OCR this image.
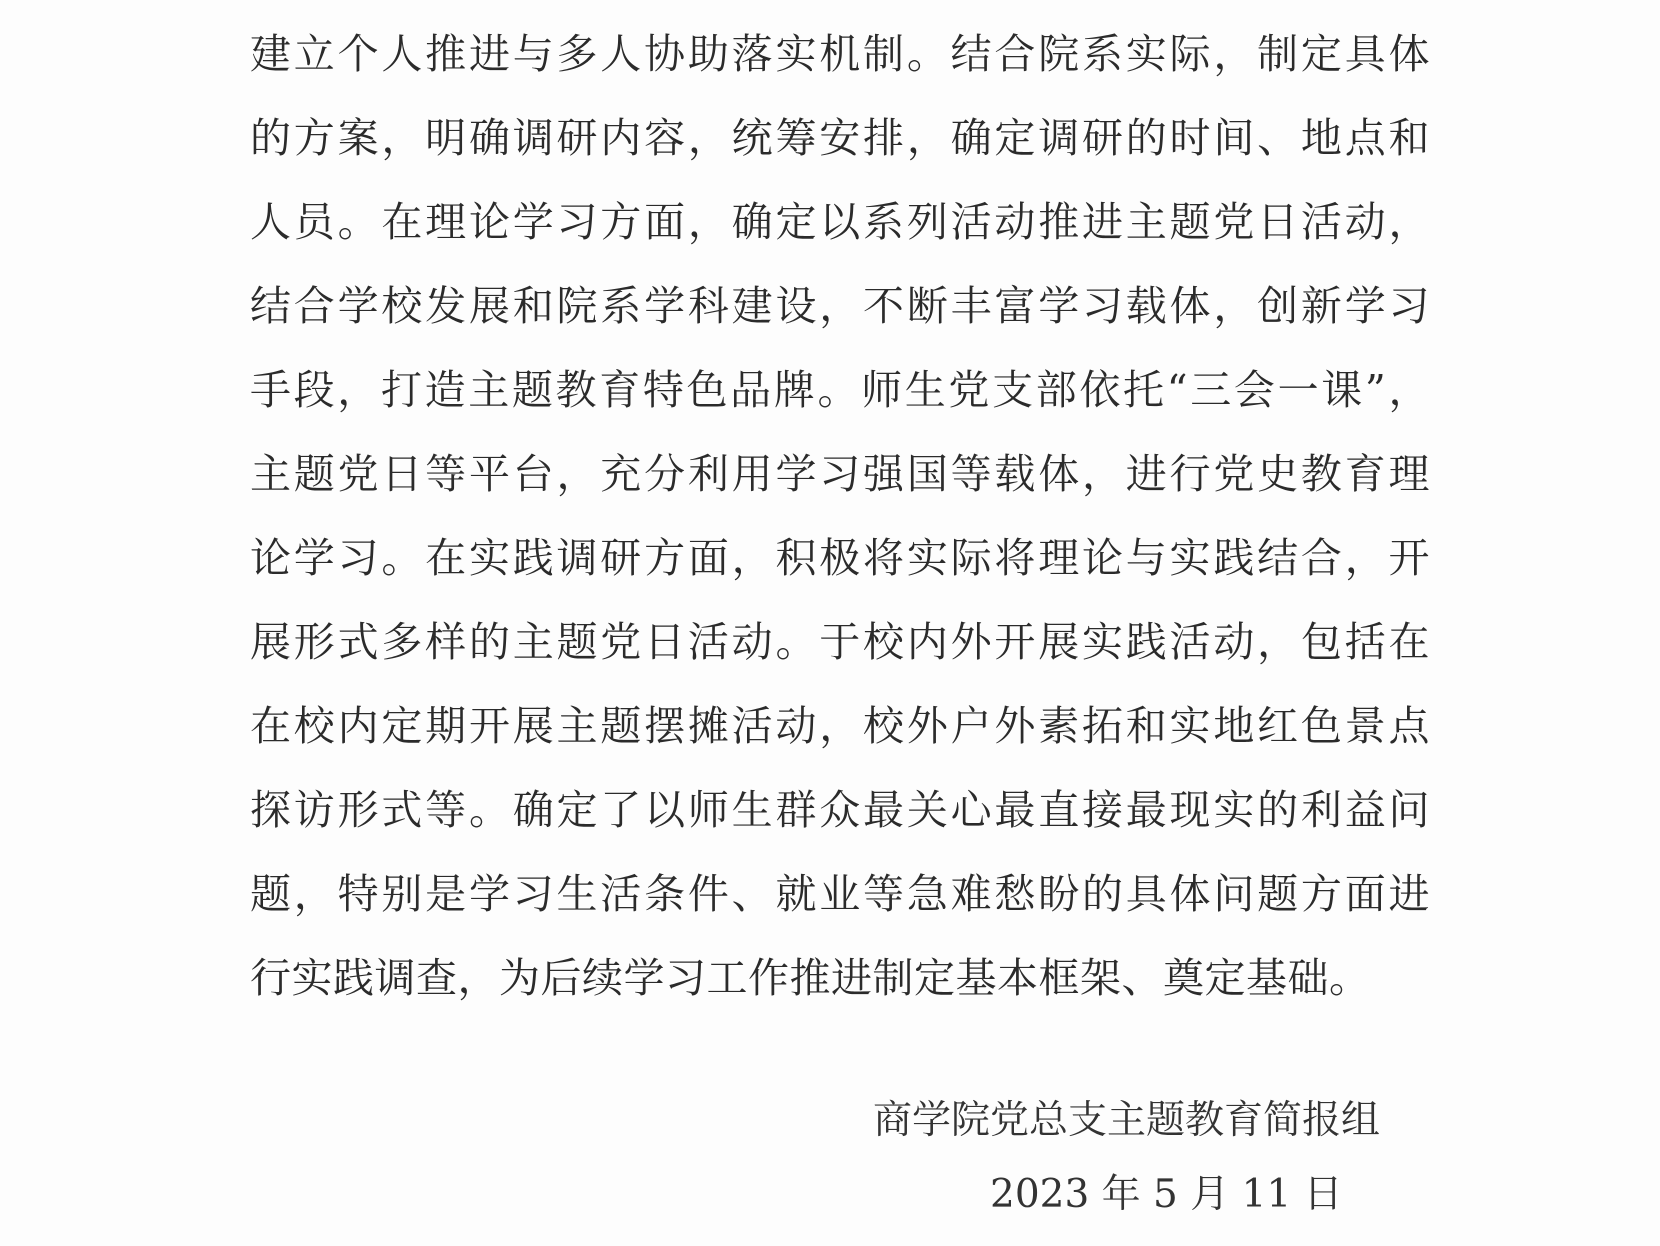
建立个人推进与多人协助落实机制。结合院系实际，制定具体
的方案，明确调研内容，统筹安排，确定调研的时间、地点和
人员。在理论学习方面，确定以系列活动推进主题党日活动，
结合学校发展和院系学科建设，不断丰富学习载体，创新学习
手段，打造主题教育特色品牌。师生党支部依托“三会一课”，
主题党日等平台，充分利用学习强国等载体，进行党史教育理
论学习。在实践调研方面，积极将实际将理论与实践结合，开
展形式多样的主题党日活动。于校内外开展实践活动，包括在
在校内定期开展主题摆摊活动，校外户外素拓和实地红色景点
探访形式等。确定了以师生群众最关心最直接最现实的利益问
题，特别是学习生活条件、就业等急难愁盼的具体问题方面进
行实践调查，为后续学习工作推进制定基本框架、奠定基础。
商学院党总支主题教育简报组
2023 年 5 月 11 日
